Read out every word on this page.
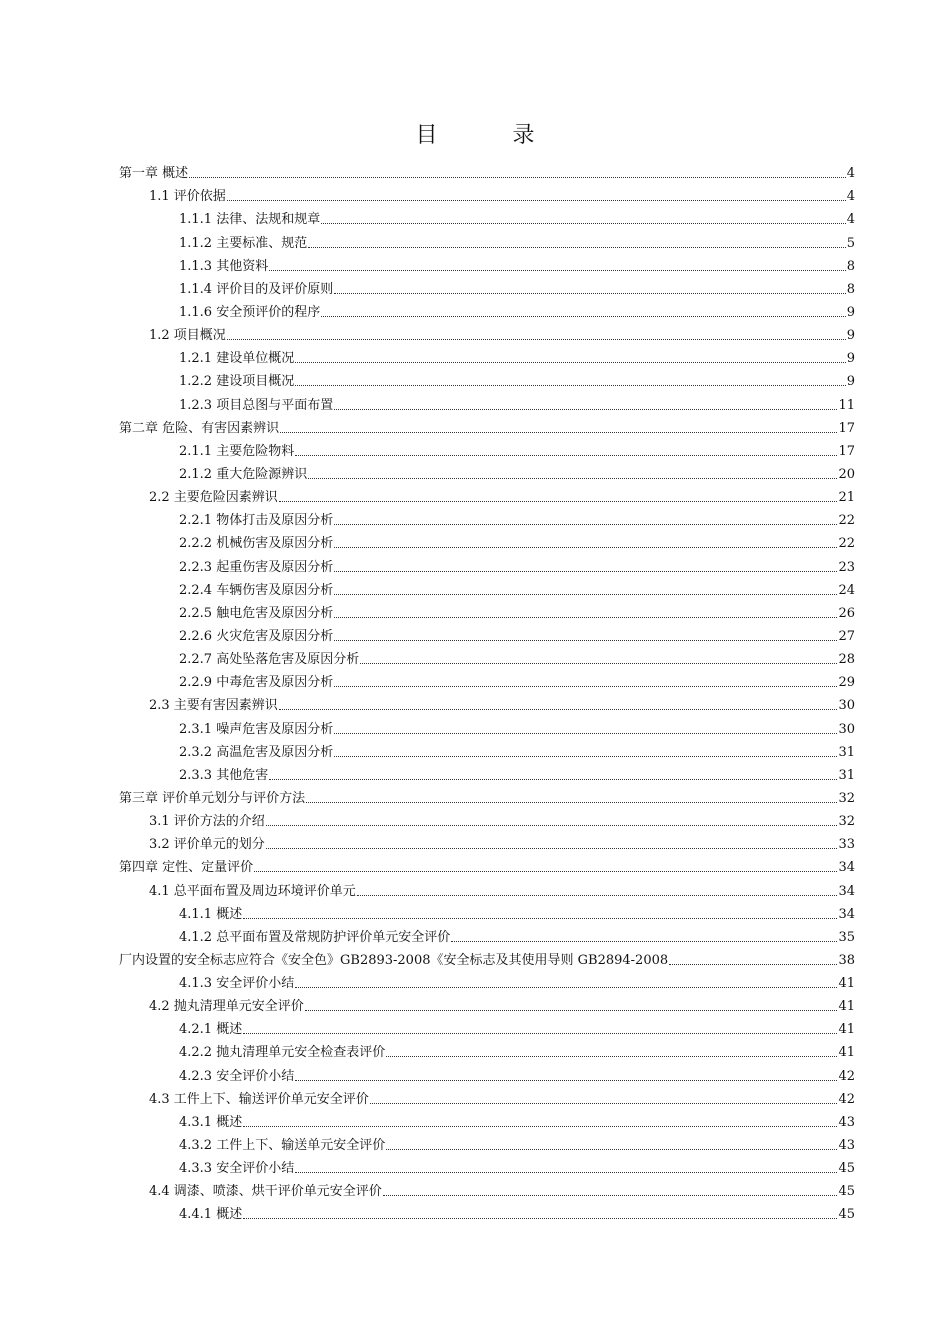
目 录
第一章 概述	4
1.1 评价依据	4
1.1.1 法律、法规和规章	4
1.1.2 主要标准、规范	5
1.1.3 其他资料	8
1.1.4 评价目的及评价原则	8
1.1.6 安全预评价的程序	9
1.2 项目概况	9
1.2.1 建设单位概况	9
1.2.2 建设项目概况	9
1.2.3 项目总图与平面布置	11
第二章 危险、有害因素辨识	17
2.1.1 主要危险物料	17
2.1.2 重大危险源辨识	20
2.2 主要危险因素辨识	21
2.2.1 物体打击及原因分析	22
2.2.2 机械伤害及原因分析	22
2.2.3 起重伤害及原因分析	23
2.2.4 车辆伤害及原因分析	24
2.2.5 触电危害及原因分析	26
2.2.6 火灾危害及原因分析	27
2.2.7 高处坠落危害及原因分析	28
2.2.9 中毒危害及原因分析	29
2.3 主要有害因素辨识	30
2.3.1 噪声危害及原因分析	30
2.3.2 高温危害及原因分析	31
2.3.3 其他危害	31
第三章 评价单元划分与评价方法	32
3.1 评价方法的介绍	32
3.2 评价单元的划分	33
第四章 定性、定量评价	34
4.1 总平面布置及周边环境评价单元	34
4.1.1 概述	34
4.1.2 总平面布置及常规防护评价单元安全评价	35
厂内设置的安全标志应符合《安全色》GB2893-2008《安全标志及其使用导则 GB2894-2008	38
4.1.3 安全评价小结	41
4.2 抛丸清理单元安全评价	41
4.2.1 概述	41
4.2.2 抛丸清理单元安全检查表评价	41
4.2.3 安全评价小结	42
4.3 工件上下、输送评价单元安全评价	42
4.3.1 概述	43
4.3.2 工件上下、输送单元安全评价	43
4.3.3 安全评价小结	45
4.4 调漆、喷漆、烘干评价单元安全评价	45
4.4.1 概述	45
